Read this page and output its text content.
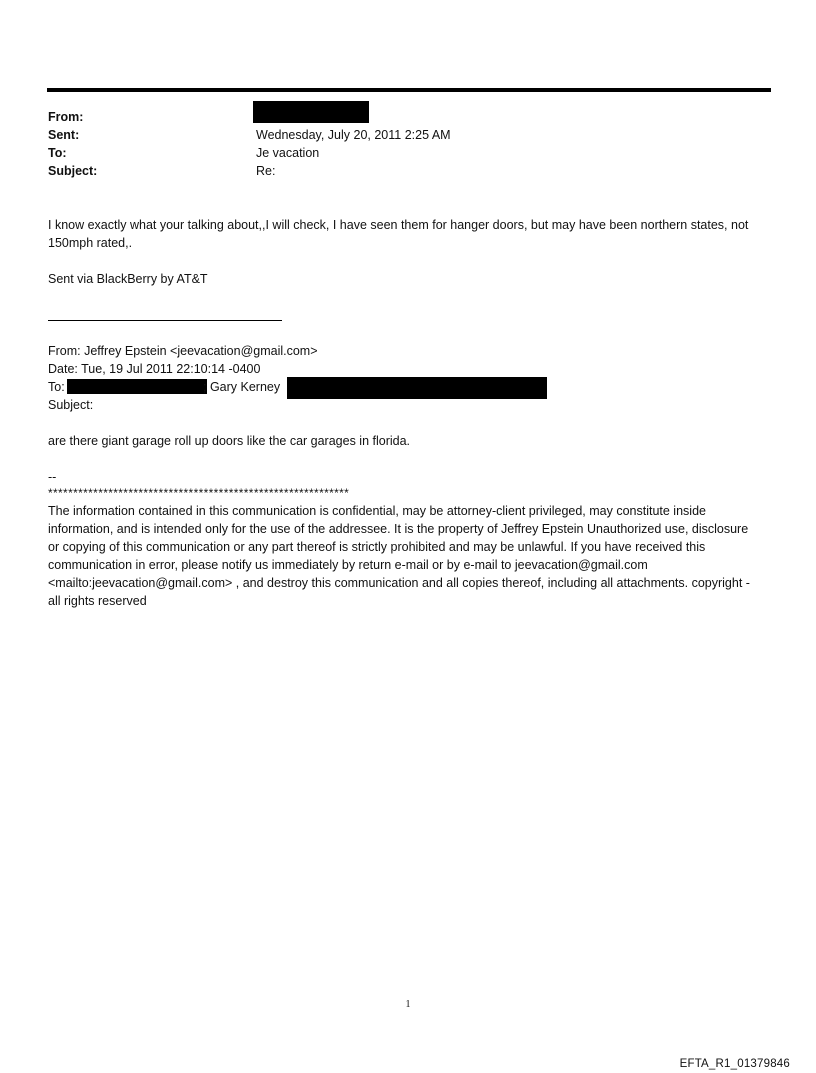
From:
Sent:	Wednesday, July 20, 2011 2:25 AM
To:	Je vacation
Subject:	Re:
I know exactly what your talking about,,I will check, I have seen them for hanger doors, but may have been northern states, not 150mph rated,.
Sent via BlackBerry by AT&T
From: Jeffrey Epstein <jeevacation@gmail.com>
Date: Tue, 19 Jul 2011 22:10:14 -0400
To:	; Gary Kerney
Subject:
are there giant garage roll up doors like the car garages in florida.
--
************************************************************
The information contained in this communication is confidential, may be attorney-client privileged, may constitute inside information, and is intended only for the use of the addressee. It is the property of Jeffrey Epstein Unauthorized use, disclosure or copying of this communication or any part thereof is strictly prohibited and may be unlawful. If you have received this communication in error, please notify us immediately by return e-mail or by e-mail to jeevacation@gmail.com <mailto:jeevacation@gmail.com> , and destroy this communication and all copies thereof, including all attachments. copyright -all rights reserved
1
EFTA_R1_01379846
